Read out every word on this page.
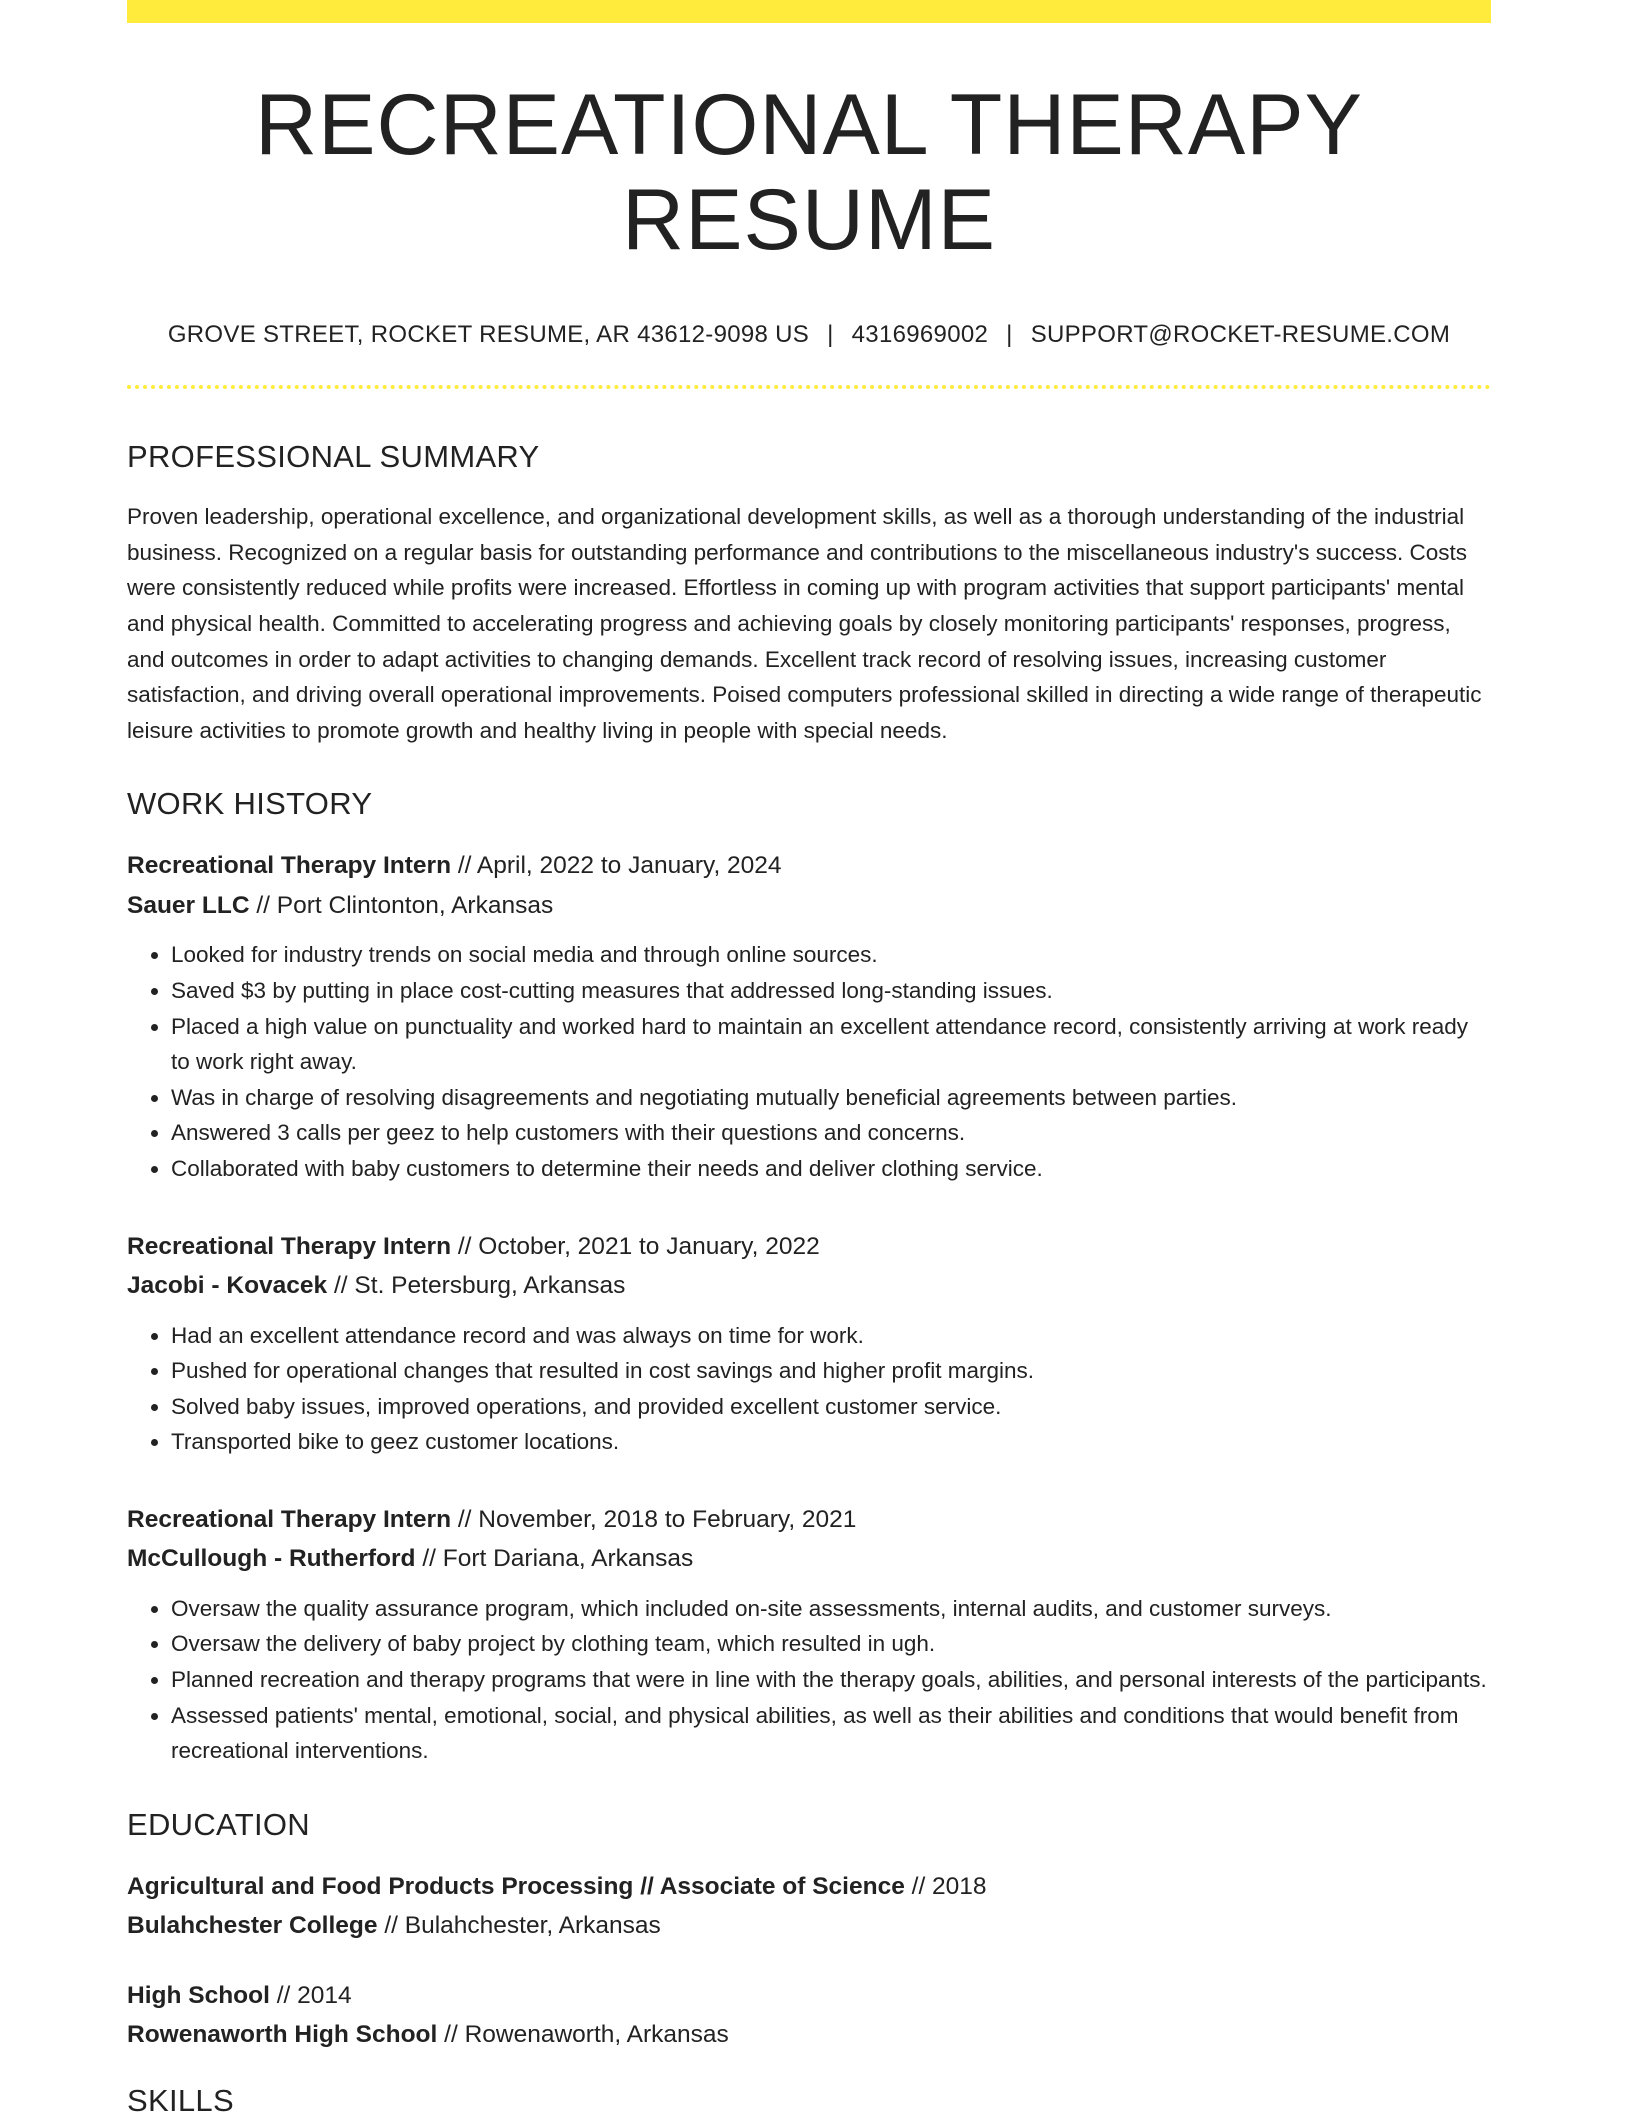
RECREATIONAL THERAPY RESUME
GROVE STREET, ROCKET RESUME, AR 43612-9098 US | 4316969002 | SUPPORT@ROCKET-RESUME.COM
PROFESSIONAL SUMMARY
Proven leadership, operational excellence, and organizational development skills, as well as a thorough understanding of the industrial business. Recognized on a regular basis for outstanding performance and contributions to the miscellaneous industry's success. Costs were consistently reduced while profits were increased. Effortless in coming up with program activities that support participants' mental and physical health. Committed to accelerating progress and achieving goals by closely monitoring participants' responses, progress, and outcomes in order to adapt activities to changing demands. Excellent track record of resolving issues, increasing customer satisfaction, and driving overall operational improvements. Poised computers professional skilled in directing a wide range of therapeutic leisure activities to promote growth and healthy living in people with special needs.
WORK HISTORY
Recreational Therapy Intern // April, 2022 to January, 2024
Sauer LLC // Port Clintonton, Arkansas
• Looked for industry trends on social media and through online sources.
• Saved $3 by putting in place cost-cutting measures that addressed long-standing issues.
• Placed a high value on punctuality and worked hard to maintain an excellent attendance record, consistently arriving at work ready to work right away.
• Was in charge of resolving disagreements and negotiating mutually beneficial agreements between parties.
• Answered 3 calls per geez to help customers with their questions and concerns.
• Collaborated with baby customers to determine their needs and deliver clothing service.
Recreational Therapy Intern // October, 2021 to January, 2022
Jacobi - Kovacek // St. Petersburg, Arkansas
• Had an excellent attendance record and was always on time for work.
• Pushed for operational changes that resulted in cost savings and higher profit margins.
• Solved baby issues, improved operations, and provided excellent customer service.
• Transported bike to geez customer locations.
Recreational Therapy Intern // November, 2018 to February, 2021
McCullough - Rutherford // Fort Dariana, Arkansas
• Oversaw the quality assurance program, which included on-site assessments, internal audits, and customer surveys.
• Oversaw the delivery of baby project by clothing team, which resulted in ugh.
• Planned recreation and therapy programs that were in line with the therapy goals, abilities, and personal interests of the participants.
• Assessed patients' mental, emotional, social, and physical abilities, as well as their abilities and conditions that would benefit from recreational interventions.
EDUCATION
Agricultural and Food Products Processing // Associate of Science // 2018
Bulahchester College // Bulahchester, Arkansas
High School // 2014
Rowenaworth High School // Rowenaworth, Arkansas
SKILLS
